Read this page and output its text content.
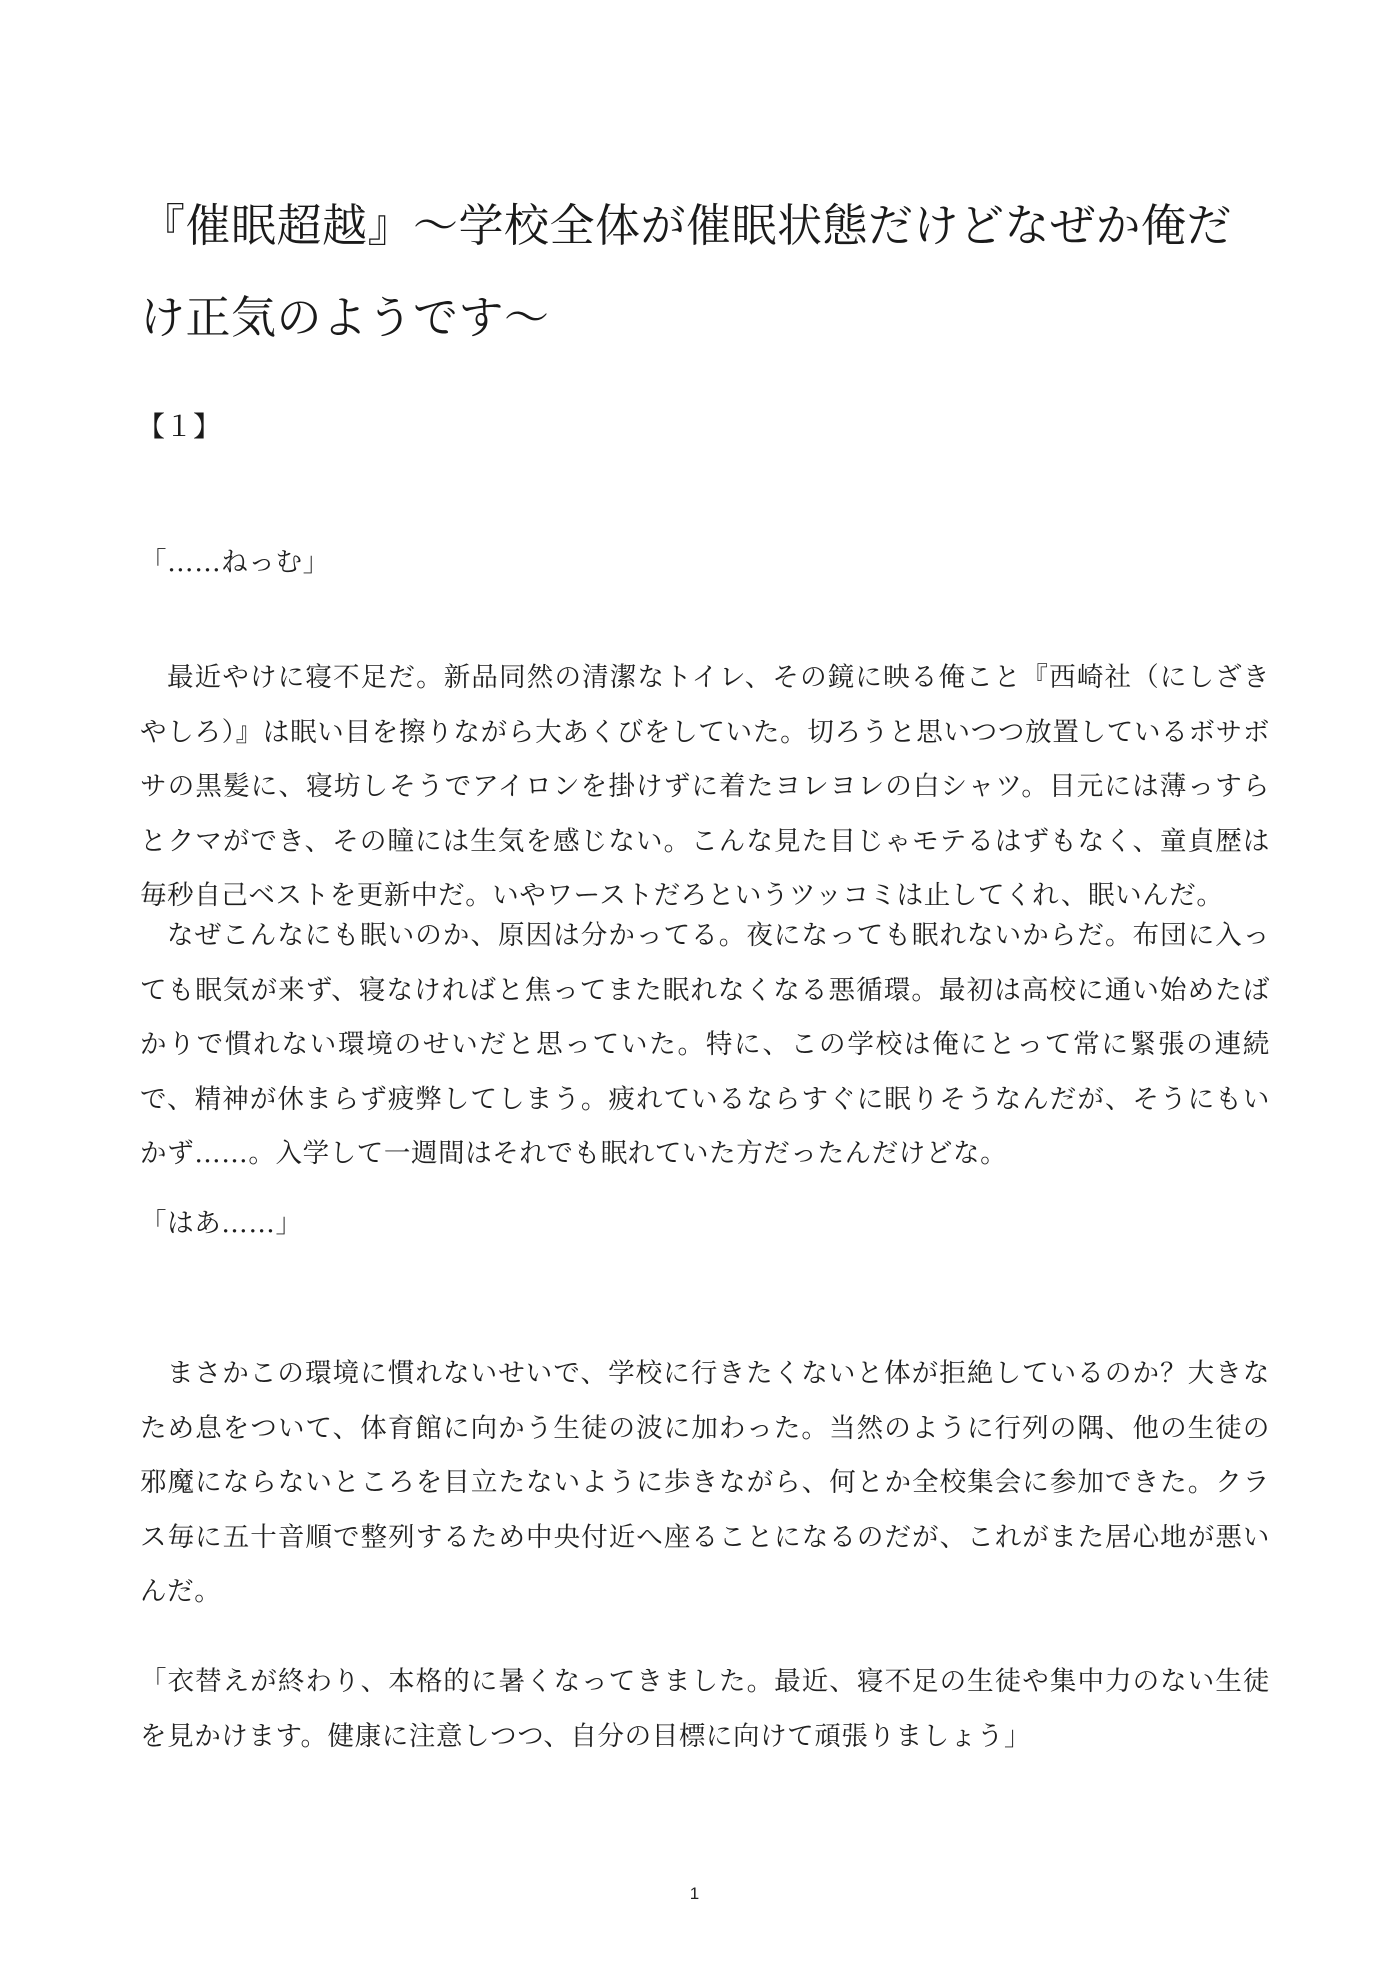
『催眠超越』〜学校全体が催眠状態だけどなぜか俺だけ正気のようです〜
【１】

「……ねっむ」

最近やけに寝不足だ。新品同然の清潔なトイレ、その鏡に映る俺こと『西崎社（にしざきやしろ）』は眠い目を擦りながら大あくびをしていた。切ろうと思いつつ放置しているボサボサの黒髪に、寝坊しそうでアイロンを掛けずに着たヨレヨレの白シャツ。目元には薄っすらとクマができ、その瞳には生気を感じない。こんな見た目じゃモテるはずもなく、童貞歴は毎秒自己ベストを更新中だ。いやワーストだろというツッコミは止してくれ、眠いんだ。

なぜこんなにも眠いのか、原因は分かってる。夜になっても眠れないからだ。布団に入っても眠気が来ず、寝なければと焦ってまた眠れなくなる悪循環。最初は高校に通い始めたばかりで慣れない環境のせいだと思っていた。特に、この学校は俺にとって常に緊張の連続で、精神が休まらず疲弊してしまう。疲れているならすぐに眠りそうなんだが、そうにもいかず……。入学して一週間はそれでも眠れていた方だったんだけどな。

「はあ……」

まさかこの環境に慣れないせいで、学校に行きたくないと体が拒絶しているのか？大きなため息をついて、体育館に向かう生徒の波に加わった。当然のように行列の隅、他の生徒の邪魔にならないところを目立たないように歩きながら、何とか全校集会に参加できた。クラス毎に五十音順で整列するため中央付近へ座ることになるのだが、これがまた居心地が悪いんだ。

「衣替えが終わり、本格的に暑くなってきました。最近、寝不足の生徒や集中力のない生徒を見かけます。健康に注意しつつ、自分の目標に向けて頑張りましょう」

1
